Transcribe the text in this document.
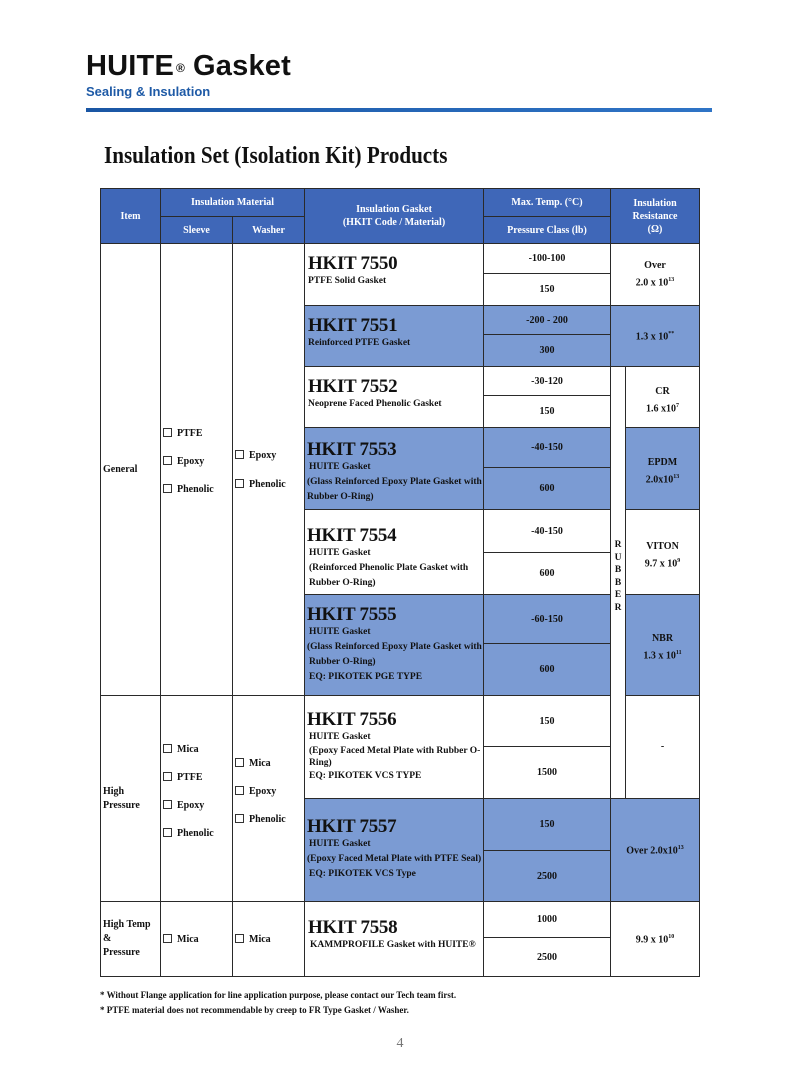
HUITE ® Gasket
Sealing & Insulation
Insulation Set (Isolation Kit) Products
Item
Insulation Material
Sleeve	Washer
Insulation Gasket
(HKIT Code / Material)
Max. Temp. (°C)
Pressure Class (lb)
Insulation
Resistance
(Ω)
General
High
Pressure
High Temp &
Pressure
PTFE
Epoxy
Phenolic
Epoxy
Phenolic
Mica
PTFE
Epoxy
Phenolic
Mica
Epoxy
Phenolic
Mica	Mica
HKIT 7550
PTFE Solid Gasket
-100-100
150
HKIT 7551
Reinforced PTFE Gasket
-200 - 200
300
HKIT 7552
Neoprene Faced Phenolic Gasket
-30-120
150
HKIT 7553
HUITE Gasket
(Glass Reinforced Epoxy Plate Gasket with
Rubber O-Ring)
-40-150
600
HKIT 7554
HUITE Gasket
(Reinforced Phenolic Plate Gasket with
Rubber O-Ring)
-40-150
600
HKIT 7555
HUITE Gasket
(Glass Reinforced Epoxy Plate Gasket with
Rubber O-Ring)
EQ: PIKOTEK PGE TYPE
-60-150
600
HKIT 7556
HUITE Gasket
(Epoxy Faced Metal Plate with Rubber O-
Ring)
EQ: PIKOTEK VCS TYPE
150
1500
HKIT 7557
HUITE Gasket
(Epoxy Faced Metal Plate with PTFE Seal)
EQ: PIKOTEK VCS Type
150
2500
HKIT 7558
KAMMPROFILE Gasket with HUITE®
1000
2500
Over
2.0 x $10^{13}$
1.3 x 10**
R
U
B
B
E
R
CR
1.6 $x10^7$
EPDM
$2.0x10^{13}$
VITON
9.7 x $10^9$
NBR
1.3 x $10^{11}$
-
Over $2.0x10^{13}$
9.9 x $10^{10}$
* Without Flange application for line application purpose, please contact our Tech team first.
* PTFE material does not recommendable by creep to FR Type Gasket / Washer.
4
